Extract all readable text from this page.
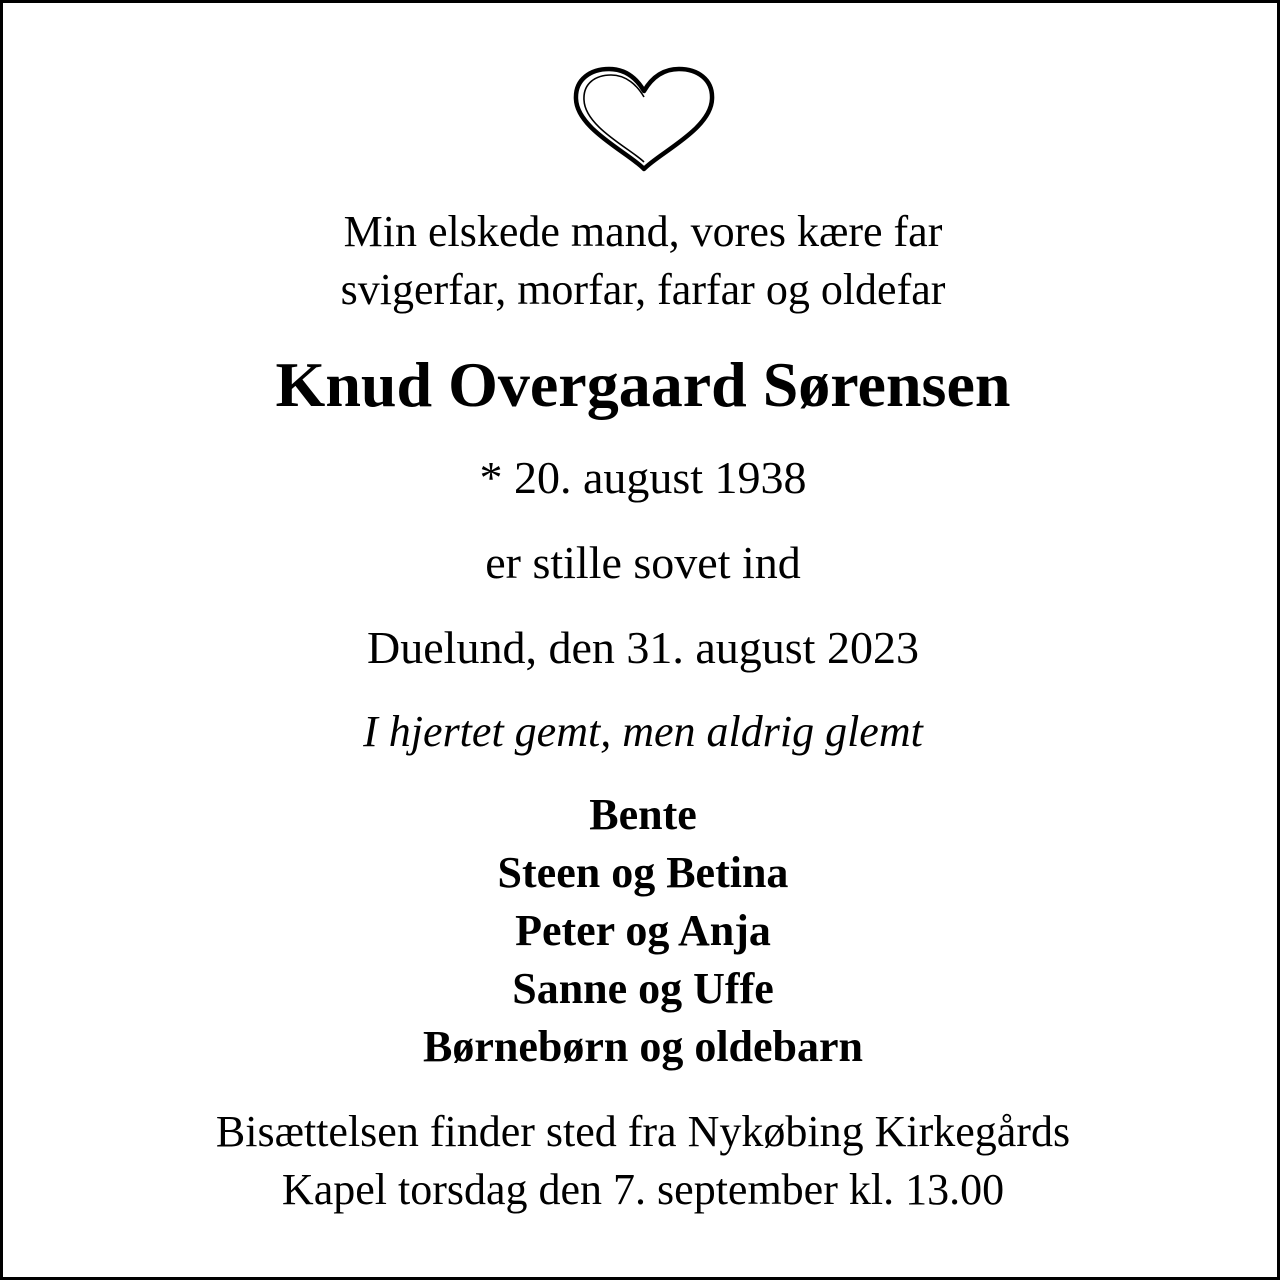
Min elskede mand, vores kære far
svigerfar, morfar, farfar og oldefar
Knud Overgaard Sørensen
* 20. august 1938
er stille sovet ind
Duelund, den 31. august 2023
I hjertet gemt, men aldrig glemt
Bente
Steen og Betina
Peter og Anja
Sanne og Uffe
Børnebørn og oldebarn
Bisættelsen finder sted fra Nykøbing Kirkegårds
Kapel torsdag den 7. september kl. 13.00
